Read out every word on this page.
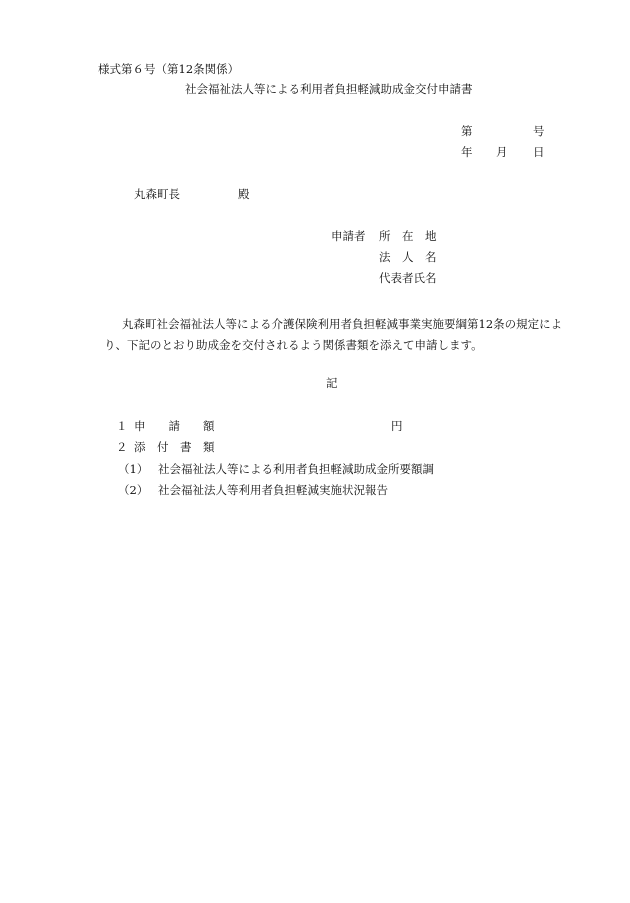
様式第６号（第12条関係）

社会福祉法人等による利用者負担軽減助成金交付申請書

第	号

年 月 日

丸森町長	殿

申請者 所　在　地

法　人　名

代表者氏名

丸森町社会福祉法人等による介護保険利用者負担軽減事業実施要綱第12条の規定によ

り、下記のとおり助成金を交付されるよう関係書類を添えて申請します。

記

１ 申　　請　　額	円

２ 添　付　書　類

（1） 社会福祉法人等による利用者負担軽減助成金所要額調

（2） 社会福祉法人等利用者負担軽減実施状況報告
